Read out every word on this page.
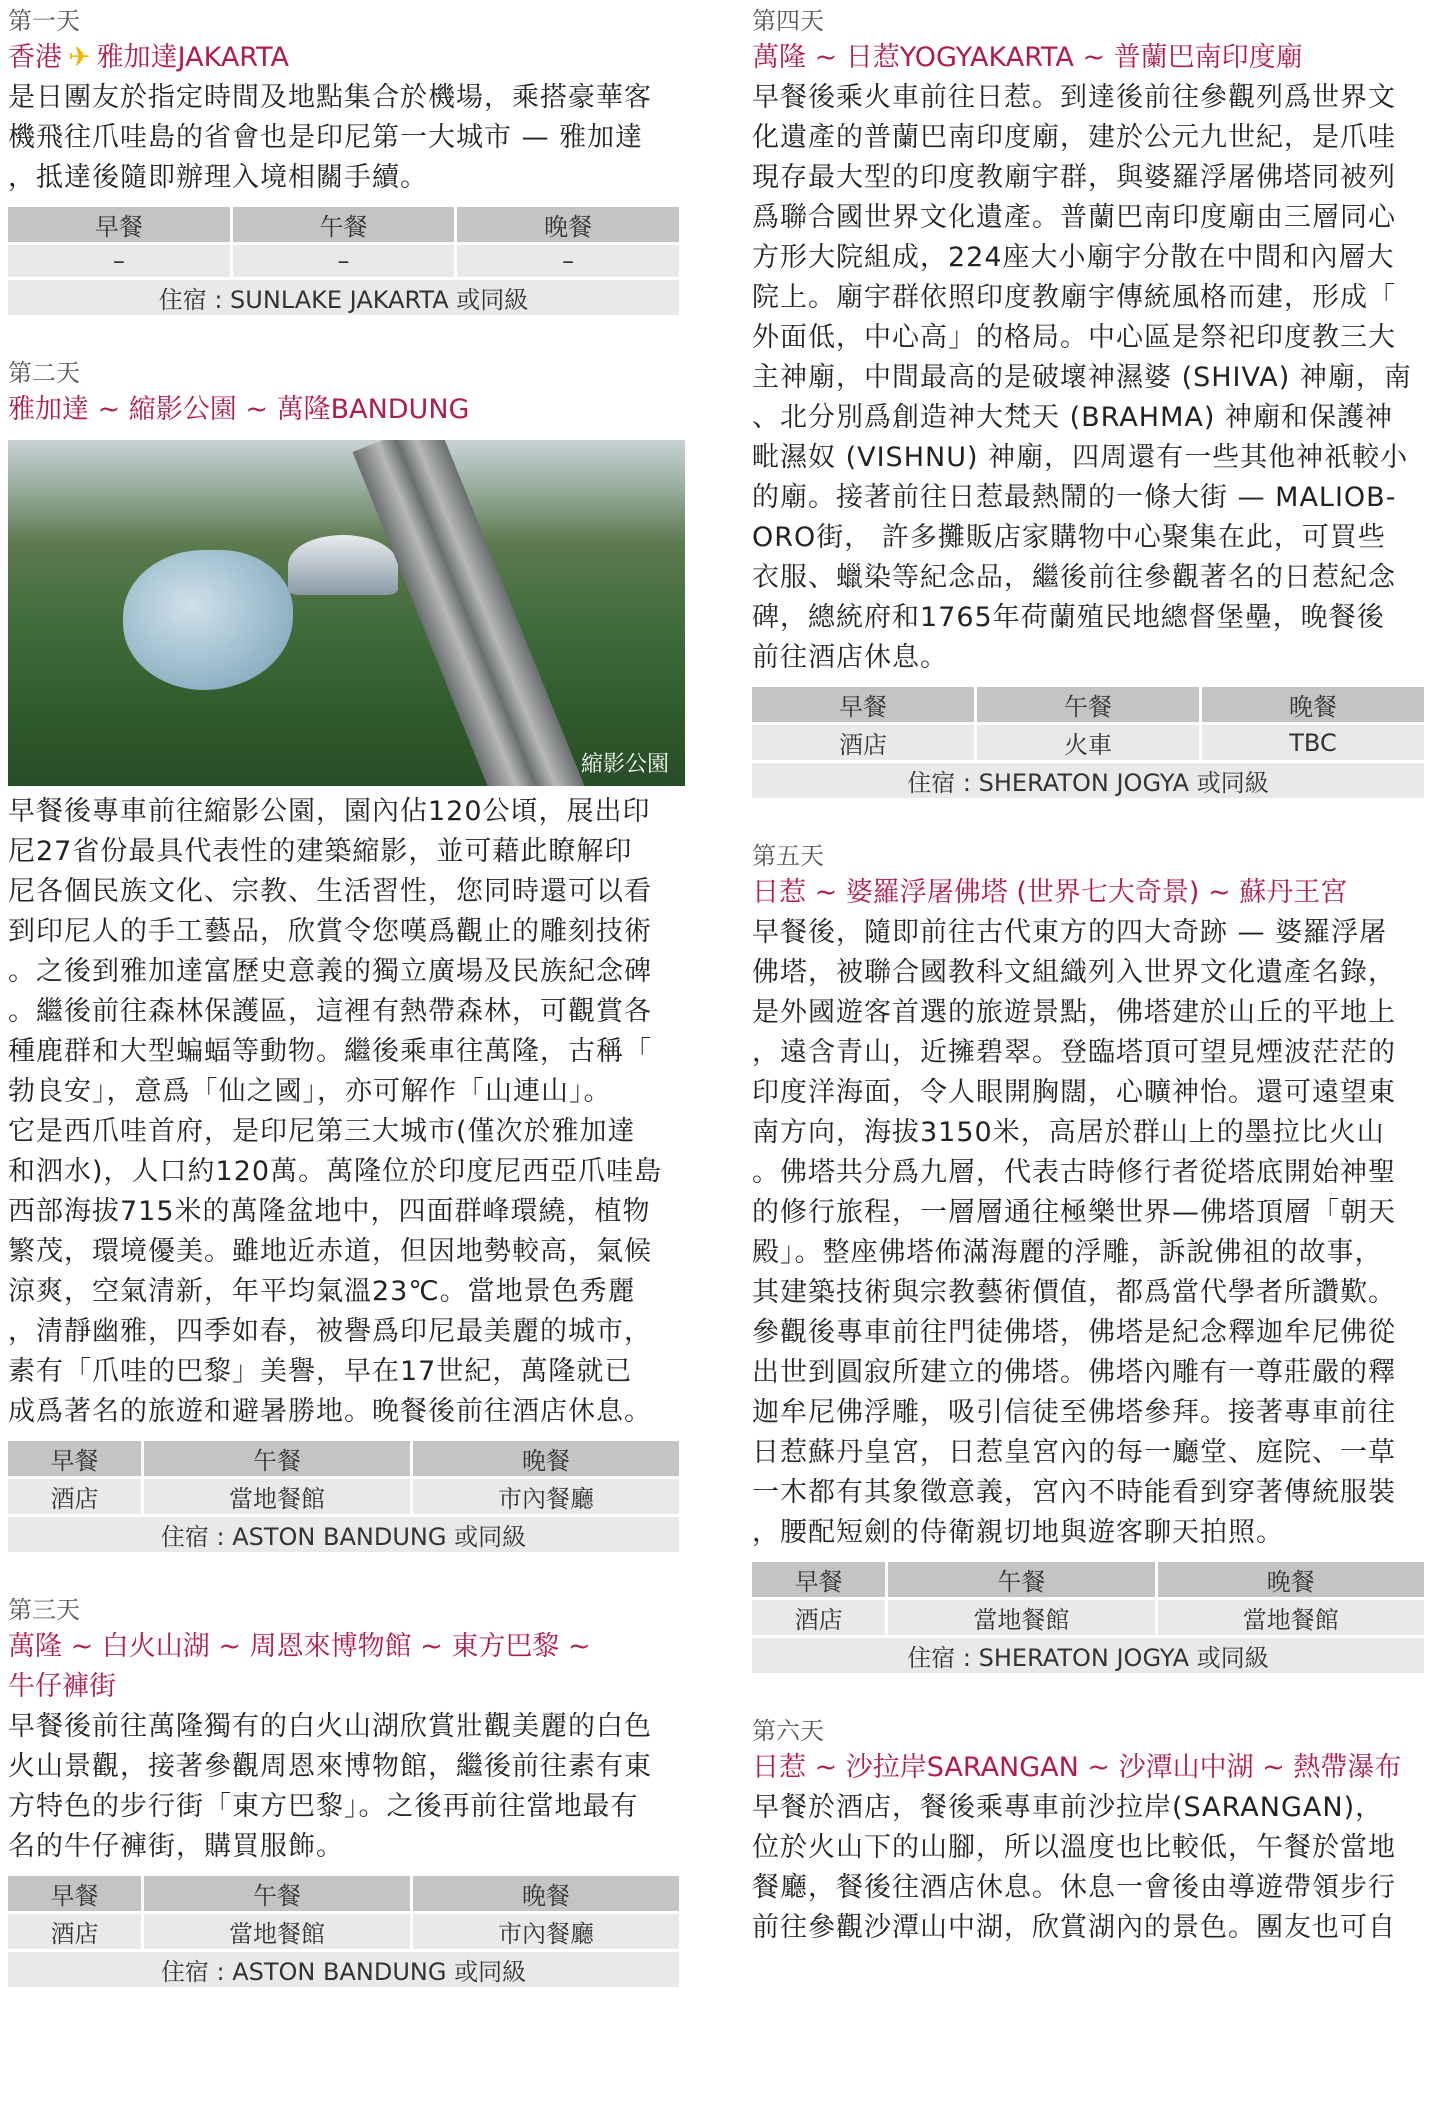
第一天
香港 ✈ 雅加達JAKARTA
是日團友於指定時間及地點集合於機場，乘搭豪華客
機飛往爪哇島的省會也是印尼第一大城市 — 雅加達
，抵達後隨即辦理入境相關手續。
早餐	午餐	晚餐
–	–	–
住宿 : SUNLAKE JAKARTA 或同級		
第二天
雅加達 ~ 縮影公園 ~ 萬隆BANDUNG
縮影公園
早餐後專車前往縮影公園，園內佔120公頃，展出印
尼27省份最具代表性的建築縮影，並可藉此瞭解印
尼各個民族文化、宗教、生活習性，您同時還可以看
到印尼人的手工藝品，欣賞令您嘆爲觀止的雕刻技術
。之後到雅加達富歷史意義的獨立廣場及民族紀念碑
。繼後前往森林保護區，這裡有熱帶森林，可觀賞各
種鹿群和大型蝙蝠等動物。繼後乘車往萬隆，古稱「
勃良安」，意爲「仙之國」，亦可解作「山連山」。
它是西爪哇首府，是印尼第三大城市(僅次於雅加達
和泗水)，人口約120萬。萬隆位於印度尼西亞爪哇島
西部海拔715米的萬隆盆地中，四面群峰環繞，植物
繁茂，環境優美。雖地近赤道，但因地勢較高，氣候
涼爽，空氣清新，年平均氣溫23℃。當地景色秀麗
，清靜幽雅，四季如春，被譽爲印尼最美麗的城市，
素有「爪哇的巴黎」美譽，早在17世紀，萬隆就已
成爲著名的旅遊和避暑勝地。晚餐後前往酒店休息。
早餐	午餐	晚餐
酒店	當地餐館	市內餐廳
住宿 : ASTON BANDUNG 或同級		
第三天
萬隆 ~ 白火山湖 ~ 周恩來博物館 ~ 東方巴黎 ~
牛仔褲街
早餐後前往萬隆獨有的白火山湖欣賞壯觀美麗的白色
火山景觀，接著參觀周恩來博物館，繼後前往素有東
方特色的步行街「東方巴黎」。之後再前往當地最有
名的牛仔褲街，購買服飾。
早餐	午餐	晚餐
酒店	當地餐館	市內餐廳
住宿 : ASTON BANDUNG 或同級		
第四天
萬隆 ~ 日惹YOGYAKARTA ~ 普蘭巴南印度廟
早餐後乘火車前往日惹。到達後前往參觀列爲世界文
化遺產的普蘭巴南印度廟，建於公元九世紀，是爪哇
現存最大型的印度教廟宇群，與婆羅浮屠佛塔同被列
爲聯合國世界文化遺產。普蘭巴南印度廟由三層同心
方形大院組成，224座大小廟宇分散在中間和內層大
院上。廟宇群依照印度教廟宇傳統風格而建，形成「
外面低，中心高」的格局。中心區是祭祀印度教三大
主神廟，中間最高的是破壞神濕婆 (SHIVA) 神廟，南
、北分別爲創造神大梵天 (BRAHMA) 神廟和保護神
毗濕奴 (VISHNU) 神廟，四周還有一些其他神祇較小
的廟。接著前往日惹最熱鬧的一條大街 — MALIOB-
ORO街， 許多攤販店家購物中心聚集在此，可買些
衣服、蠟染等紀念品，繼後前往參觀著名的日惹紀念
碑，總統府和1765年荷蘭殖民地總督堡壘，晚餐後
前往酒店休息。
早餐	午餐	晚餐
酒店	火車	TBC
住宿 : SHERATON JOGYA 或同級		
第五天
日惹 ~ 婆羅浮屠佛塔 (世界七大奇景) ~ 蘇丹王宮
早餐後，隨即前往古代東方的四大奇跡 — 婆羅浮屠
佛塔，被聯合國教科文組織列入世界文化遺產名錄，
是外國遊客首選的旅遊景點，佛塔建於山丘的平地上
，遠含青山，近擁碧翠。登臨塔頂可望見煙波茫茫的
印度洋海面，令人眼開胸闊，心曠神怡。還可遠望東
南方向，海拔3150米，高居於群山上的墨拉比火山
。佛塔共分爲九層，代表古時修行者從塔底開始神聖
的修行旅程，一層層通往極樂世界—佛塔頂層「朝天
殿」。整座佛塔佈滿海麗的浮雕，訴說佛祖的故事，
其建築技術與宗教藝術價值，都爲當代學者所讚歎。
參觀後專車前往門徒佛塔，佛塔是紀念釋迦牟尼佛從
出世到圓寂所建立的佛塔。佛塔內雕有一尊莊嚴的釋
迦牟尼佛浮雕，吸引信徒至佛塔參拜。接著專車前往
日惹蘇丹皇宮，日惹皇宮內的每一廳堂、庭院、一草
一木都有其象徵意義，宮內不時能看到穿著傳統服裝
，腰配短劍的侍衛親切地與遊客聊天拍照。
早餐	午餐	晚餐
酒店	當地餐館	當地餐館
住宿 : SHERATON JOGYA 或同級		
第六天
日惹 ~ 沙拉岸SARANGAN ~ 沙潭山中湖 ~ 熱帶瀑布
早餐於酒店，餐後乘專車前沙拉岸(SARANGAN)，
位於火山下的山腳，所以溫度也比較低，午餐於當地
餐廳，餐後往酒店休息。休息一會後由導遊帶領步行
前往參觀沙潭山中湖，欣賞湖內的景色。團友也可自
